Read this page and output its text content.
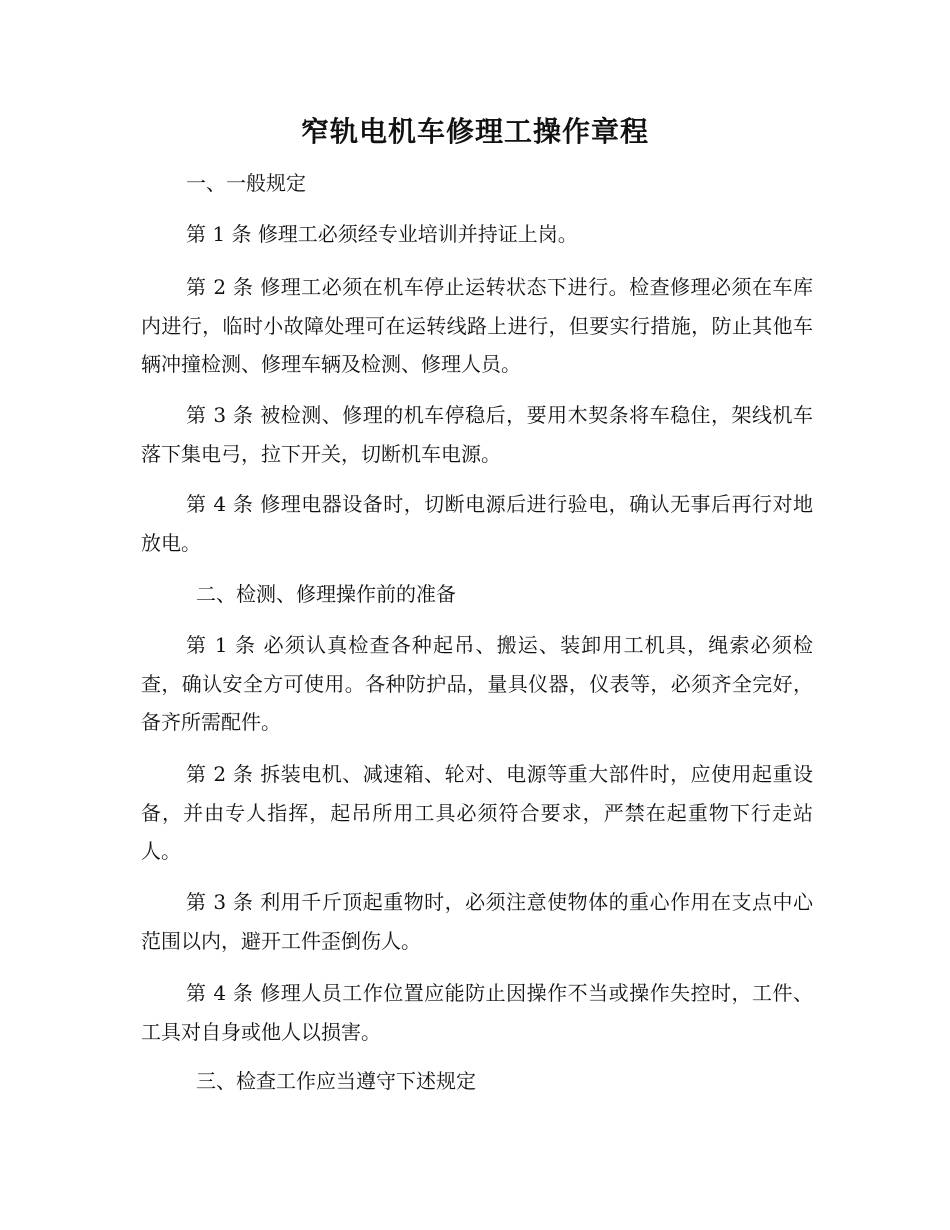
窄轨电机车修理工操作章程

一、一般规定

第 1 条 修理工必须经专业培训并持证上岗。

第 2 条 修理工必须在机车停止运转状态下进行。检查修理必须在车库内进行，临时小故障处理可在运转线路上进行，但要实行措施，防止其他车辆冲撞检测、修理车辆及检测、修理人员。

第 3 条 被检测、修理的机车停稳后，要用木契条将车稳住，架线机车落下集电弓，拉下开关，切断机车电源。

第 4 条 修理电器设备时，切断电源后进行验电，确认无事后再行对地放电。

二、检测、修理操作前的准备

第 1 条 必须认真检查各种起吊、搬运、装卸用工机具，绳索必须检查，确认安全方可使用。各种防护品，量具仪器，仪表等，必须齐全完好，备齐所需配件。

第 2 条 拆装电机、减速箱、轮对、电源等重大部件时，应使用起重设备，并由专人指挥，起吊所用工具必须符合要求，严禁在起重物下行走站人。

第 3 条 利用千斤顶起重物时，必须注意使物体的重心作用在支点中心范围以内，避开工件歪倒伤人。

第 4 条 修理人员工作位置应能防止因操作不当或操作失控时，工件、工具对自身或他人以损害。

三、检查工作应当遵守下述规定
